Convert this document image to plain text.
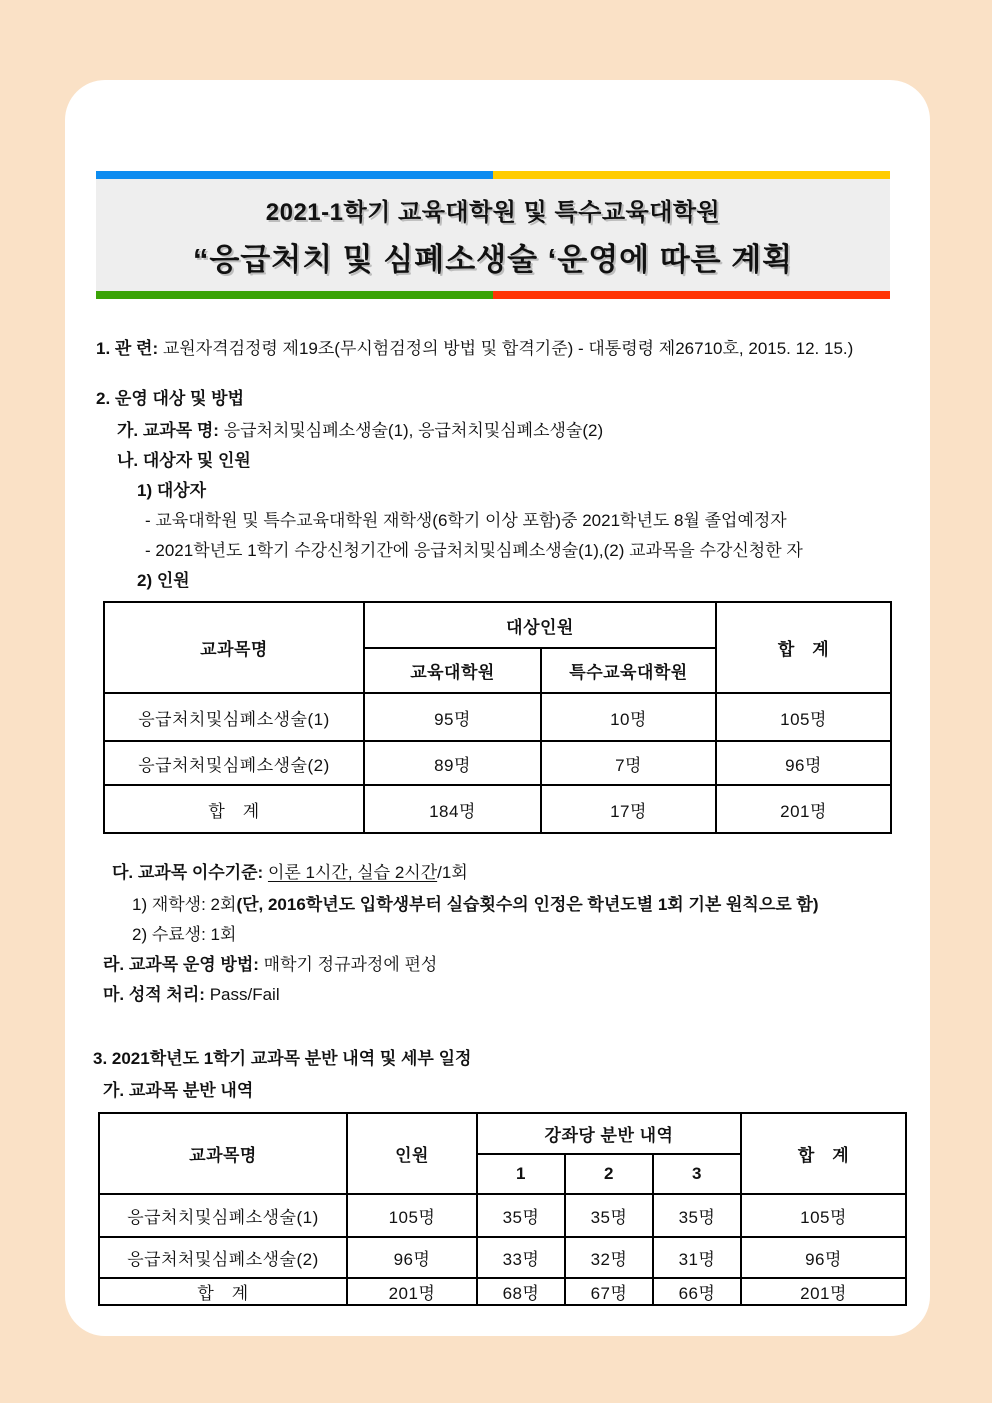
2021-1학기 교육대학원 및 특수교육대학원
“응급처치 및 심폐소생술 ‘운영에 따른 계획
1. 관 련: 교원자격검정령 제19조(무시험검정의 방법 및 합격기준) - 대통령령 제26710호, 2015. 12. 15.)
2. 운영 대상 및 방법
가. 교과목 명: 응급처치및심폐소생술(1), 응급처치및심폐소생술(2)
나. 대상자 및 인원
1) 대상자
- 교육대학원 및 특수교육대학원 재학생(6학기 이상 포함)중 2021학년도 8월 졸업예정자
- 2021학년도 1학기 수강신청기간에 응급처치및심폐소생술(1),(2) 교과목을 수강신청한 자
2) 인원
교과목명	대상인원		합　계
	교육대학원	특수교육대학원	
응급처치및심폐소생술(1)	95명	10명	105명
응급처처및심폐소생술(2)	89명	7명	96명
합　계	184명	17명	201명
다. 교과목 이수기준: 이론 1시간, 실습 2시간/1회
1) 재학생: 2회(단, 2016학년도 입학생부터 실습횟수의 인정은 학년도별 1회 기본 원칙으로 함)
2) 수료생: 1회
라. 교과목 운영 방법: 매학기 정규과정에 편성
마. 성적 처리: Pass/Fail
3. 2021학년도 1학기 교과목 분반 내역 및 세부 일정
가. 교과목 분반 내역
교과목명	인원	강좌당 분반 내역			합　계
		1	2	3	
응급처치및심폐소생술(1)	105명	35명	35명	35명	105명
응급처처및심폐소생술(2)	96명	33명	32명	31명	96명
합　계	201명	68명	67명	66명	201명
